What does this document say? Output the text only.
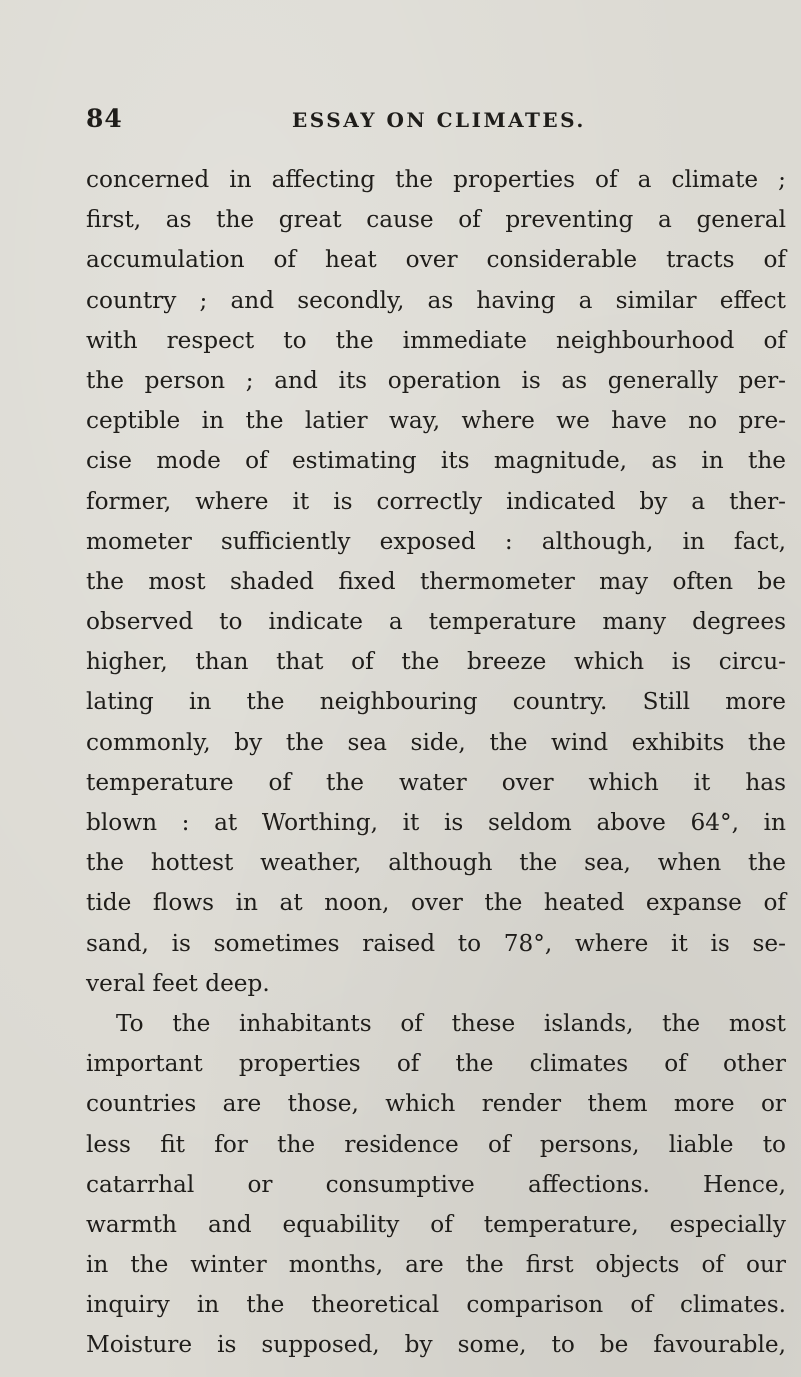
84	ESSAY ON CLIMATES.
concerned in affecting the properties of a climate ;
first, as the great cause of preventing a general
accumulation of heat over considerable tracts of
country ; and secondly, as having a similar effect
with respect to the immediate neighbourhood of
the person ; and its operation is as generally per-
ceptible in the latier way, where we have no pre-
cise mode of estimating its magnitude, as in the
former, where it is correctly indicated by a ther-
mometer sufficiently exposed : although, in fact,
the most shaded fixed thermometer may often be
observed to indicate a temperature many degrees
higher, than that of the breeze which is circu-
lating in the neighbouring country. Still more
commonly, by the sea side, the wind exhibits the
temperature of the water over which it has
blown : at Worthing, it is seldom above 64°, in
the hottest weather, although the sea, when the
tide flows in at noon, over the heated expanse of
sand, is sometimes raised to 78°, where it is se-
veral feet deep.
To the inhabitants of these islands, the most
important properties of the climates of other
countries are those, which render them more or
less fit for the residence of persons, liable to
catarrhal or consumptive affections. Hence,
warmth and equability of temperature, especially
in the winter months, are the first objects of our
inquiry in the theoretical comparison of climates.
Moisture is supposed, by some, to be favourable,
